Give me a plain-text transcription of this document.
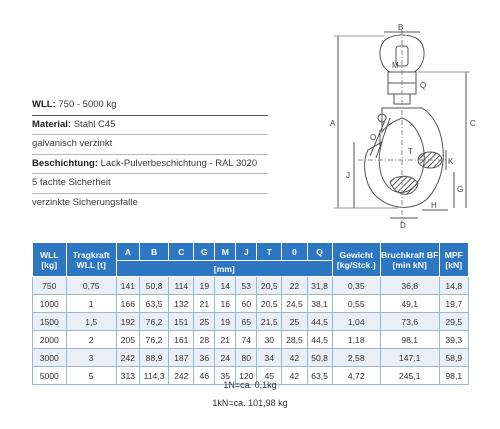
WLL: 750 - 5000 kg
Material: Stahl C45
galvanisch verzinkt
Beschichtung: Lack-Pulverbeschichtung - RAL 3020
5 fachte Sicherheit
verzinkte Sicherungsfalle
A
B
C
D
G
H
J
K
M
O
T
Q
WLL [kg]	Tragkraft WLL [t]	A	B	C	G	M	J	T	0	Q	Gewicht [kg/Stck.]	Bruchkraft BF [min kN]	MPF [kN]
		[mm]											
750	0,75	141	50,8	114	19	14	53	20,5	22	31,8	0,35	36,8	14,8
1000	1	166	63,5	132	21	16	60	20,5	24,5	38,1	0,55	49,1	19,7
1500	1,5	192	76,2	151	25	19	65	21,5	25	44,5	1,04	73,6	29,5
2000	2	205	76,2	161	28	21	74	30	28,5	44,5	1,18	98,1	39,3
3000	3	242	88,9	187	36	24	80	34	42	50,8	2,58	147,1	58,9
5000	5	313	114,3	242	46	35	120	45	42	63,5	4,72	245,1	98,1
1N=ca. 0,1kg
1kN=ca. 101,98 kg
